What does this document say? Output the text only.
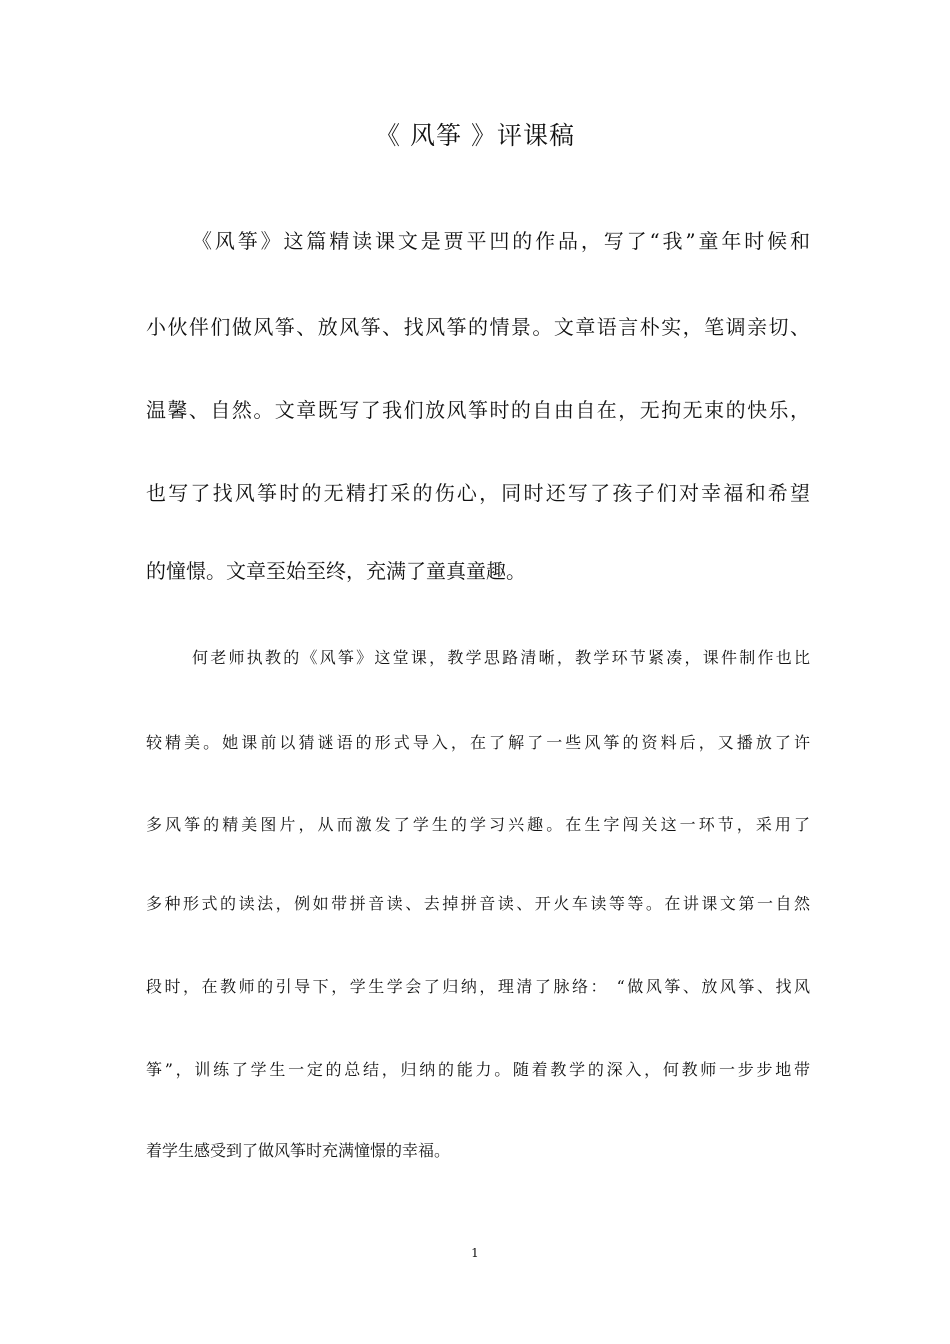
《 风筝 》评课稿
《风筝》这篇精读课文是贾平凹的作品，写了“我”童年时候和
小伙伴们做风筝、放风筝、找风筝的情景。文章语言朴实，笔调亲切、
温馨、自然。文章既写了我们放风筝时的自由自在，无拘无束的快乐，
也写了找风筝时的无精打采的伤心，同时还写了孩子们对幸福和希望
的憧憬。文章至始至终，充满了童真童趣。
何老师执教的《风筝》这堂课，教学思路清晰，教学环节紧凑，课件制作也比
较精美。她课前以猜谜语的形式导入，在了解了一些风筝的资料后，又播放了许
多风筝的精美图片，从而激发了学生的学习兴趣。在生字闯关这一环节，采用了
多种形式的读法，例如带拼音读、去掉拼音读、开火车读等等。在讲课文第一自然
段时，在教师的引导下，学生学会了归纳，理清了脉络： “做风筝、放风筝、找风
筝”，训练了学生一定的总结，归纳的能力。随着教学的深入，何教师一步步地带
着学生感受到了做风筝时充满憧憬的幸福。
1
